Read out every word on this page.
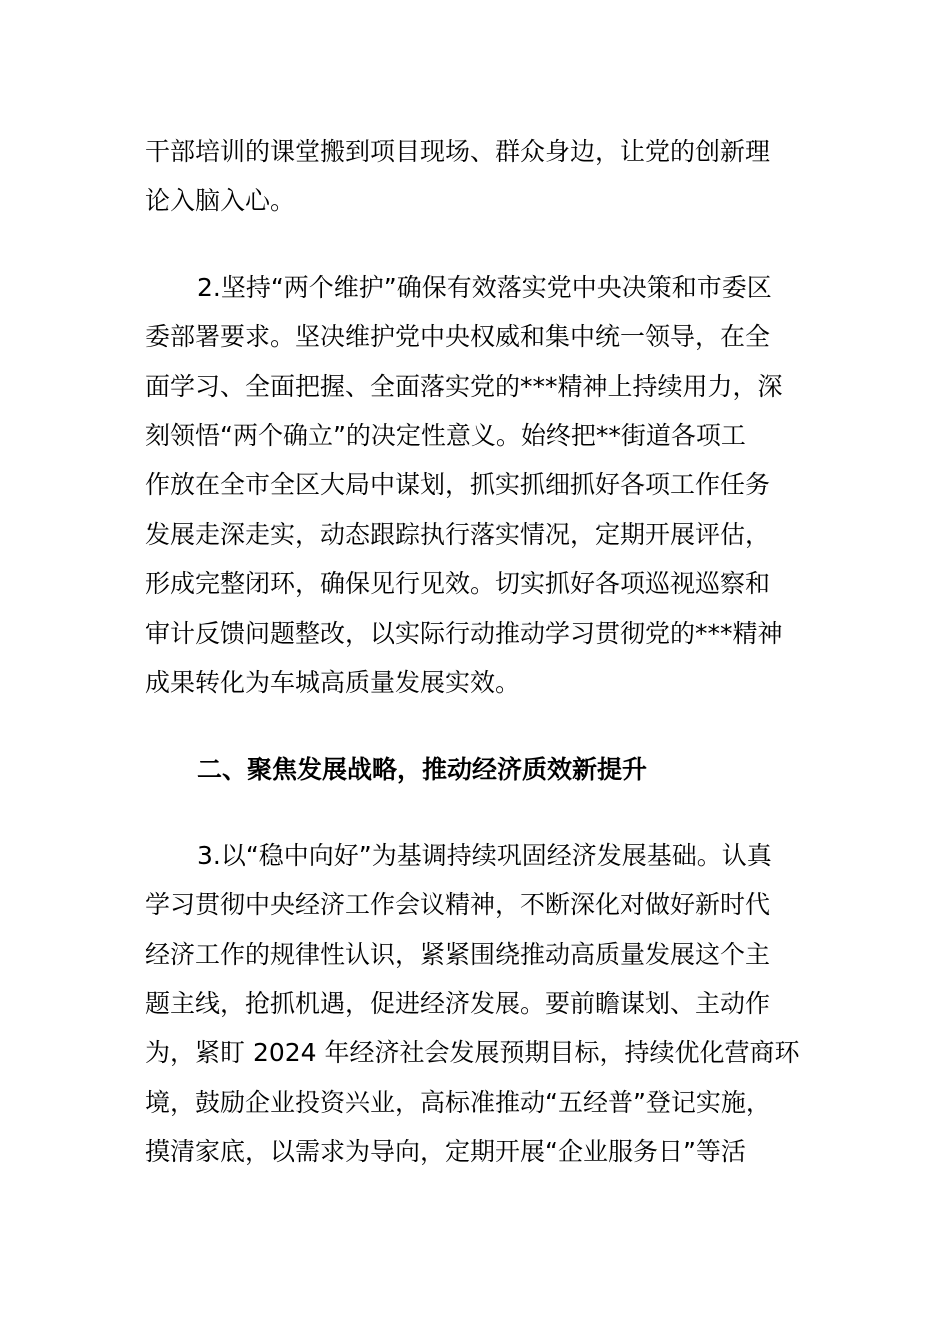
干部培训的课堂搬到项目现场、群众身边，让党的创新理
论入脑入心。
2.坚持“两个维护”确保有效落实党中央决策和市委区
委部署要求。坚决维护党中央权威和集中统一领导，在全
面学习、全面把握、全面落实党的***精神上持续用力，深
刻领悟“两个确立”的决定性意义。始终把**街道各项工
作放在全市全区大局中谋划，抓实抓细抓好各项工作任务
发展走深走实，动态跟踪执行落实情况，定期开展评估，
形成完整闭环，确保见行见效。切实抓好各项巡视巡察和
审计反馈问题整改，以实际行动推动学习贯彻党的***精神
成果转化为车城高质量发展实效。
二、聚焦发展战略，推动经济质效新提升
3.以“稳中向好”为基调持续巩固经济发展基础。认真
学习贯彻中央经济工作会议精神，不断深化对做好新时代
经济工作的规律性认识，紧紧围绕推动高质量发展这个主
题主线，抢抓机遇，促进经济发展。要前瞻谋划、主动作
为，紧盯 2024 年经济社会发展预期目标，持续优化营商环
境，鼓励企业投资兴业，高标准推动“五经普”登记实施，
摸清家底，以需求为导向，定期开展“企业服务日”等活
